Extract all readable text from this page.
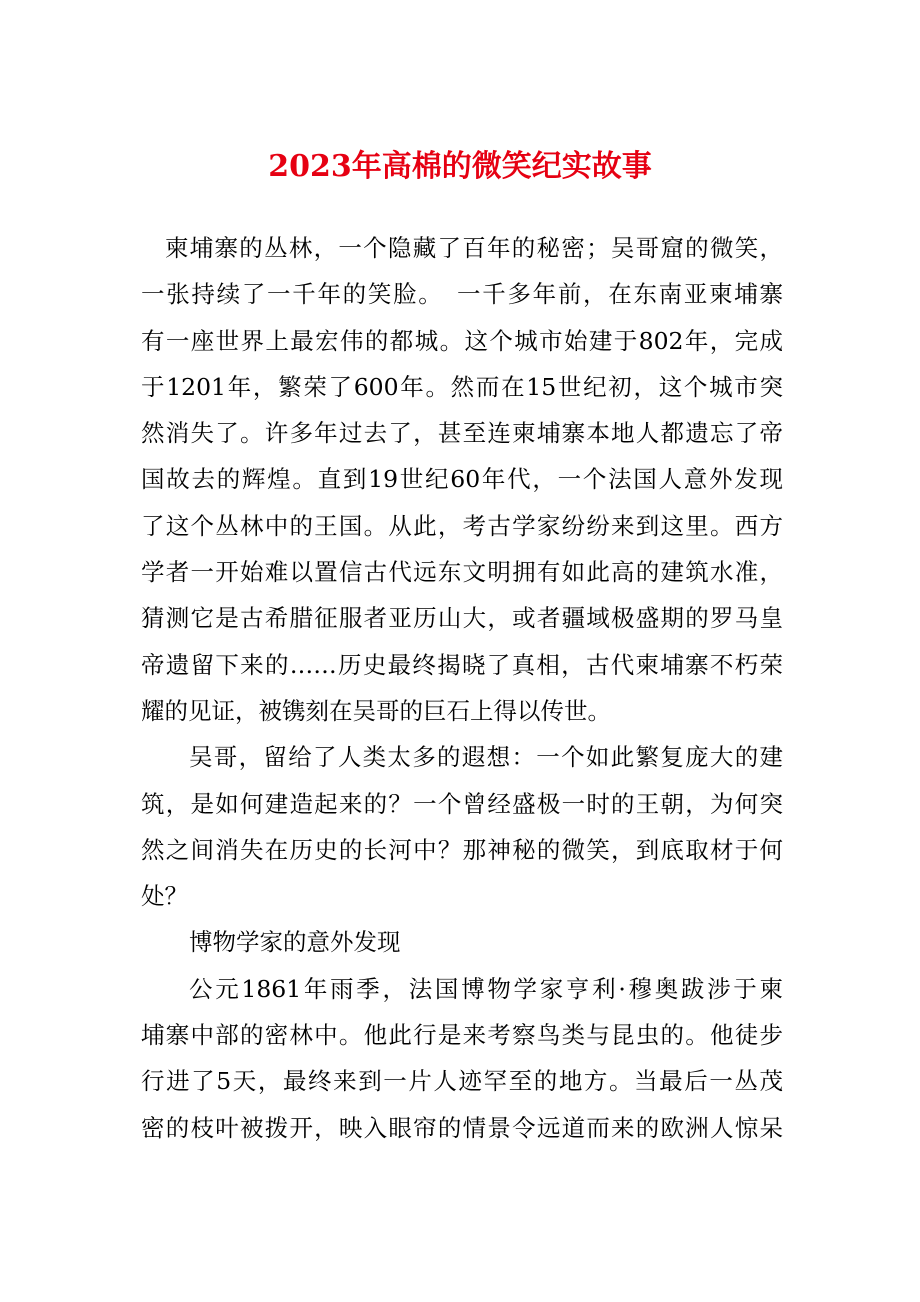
2023年高棉的微笑纪实故事

柬埔寨的丛林，一个隐藏了百年的秘密；吴哥窟的微笑，
一张持续了一千年的笑脸。　一千多年前，在东南亚柬埔寨
有一座世界上最宏伟的都城。这个城市始建于802年，完成
于1201年，繁荣了600年。然而在15世纪初，这个城市突
然消失了。许多年过去了，甚至连柬埔寨本地人都遗忘了帝
国故去的辉煌。直到19世纪60年代，一个法国人意外发现
了这个丛林中的王国。从此，考古学家纷纷来到这里。西方
学者一开始难以置信古代远东文明拥有如此高的建筑水准，
猜测它是古希腊征服者亚历山大，或者疆域极盛期的罗马皇
帝遗留下来的……历史最终揭晓了真相，古代柬埔寨不朽荣
耀的见证，被镌刻在吴哥的巨石上得以传世。

吴哥，留给了人类太多的遐想：一个如此繁复庞大的建
筑，是如何建造起来的？一个曾经盛极一时的王朝，为何突
然之间消失在历史的长河中？那神秘的微笑，到底取材于何
处？

博物学家的意外发现

公元1861年雨季，法国博物学家亨利·穆奥跋涉于柬
埔寨中部的密林中。他此行是来考察鸟类与昆虫的。他徒步
行进了5天，最终来到一片人迹罕至的地方。当最后一丛茂
密的枝叶被拨开，映入眼帘的情景令远道而来的欧洲人惊呆
